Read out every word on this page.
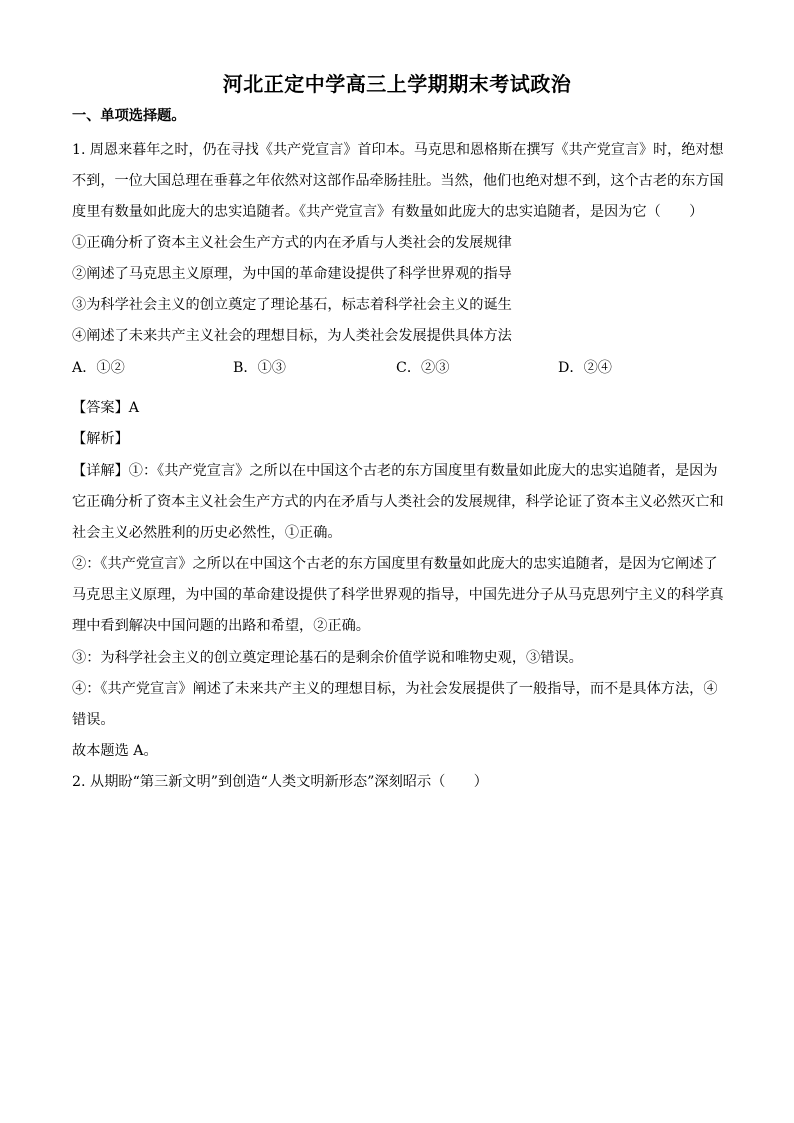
河北正定中学高三上学期期末考试政治
一、单项选择题。
1. 周恩来暮年之时，仍在寻找《共产党宣言》首印本。马克思和恩格斯在撰写《共产党宣言》时，绝对想
不到，一位大国总理在垂暮之年依然对这部作品牵肠挂肚。当然，他们也绝对想不到，这个古老的东方国
度里有数量如此庞大的忠实追随者。《共产党宣言》有数量如此庞大的忠实追随者，是因为它（　　）
①正确分析了资本主义社会生产方式的内在矛盾与人类社会的发展规律
②阐述了马克思主义原理，为中国的革命建设提供了科学世界观的指导
③为科学社会主义的创立奠定了理论基石，标志着科学社会主义的诞生
④阐述了未来共产主义社会的理想目标，为人类社会发展提供具体方法
A．①②	B．①③	C．②③	D．②④
【答案】A
【解析】
【详解】①：《共产党宣言》之所以在中国这个古老的东方国度里有数量如此庞大的忠实追随者，是因为
它正确分析了资本主义社会生产方式的内在矛盾与人类社会的发展规律，科学论证了资本主义必然灭亡和
社会主义必然胜利的历史必然性，①正确。
②：《共产党宣言》之所以在中国这个古老的东方国度里有数量如此庞大的忠实追随者，是因为它阐述了
马克思主义原理，为中国的革命建设提供了科学世界观的指导，中国先进分子从马克思列宁主义的科学真
理中看到解决中国问题的出路和希望，②正确。
③：为科学社会主义的创立奠定理论基石的是剩余价值学说和唯物史观，③错误。
④：《共产党宣言》阐述了未来共产主义的理想目标，为社会发展提供了一般指导，而不是具体方法，④
错误。
故本题选 A。
2. 从期盼“第三新文明”到创造“人类文明新形态”深刻昭示（　　）
